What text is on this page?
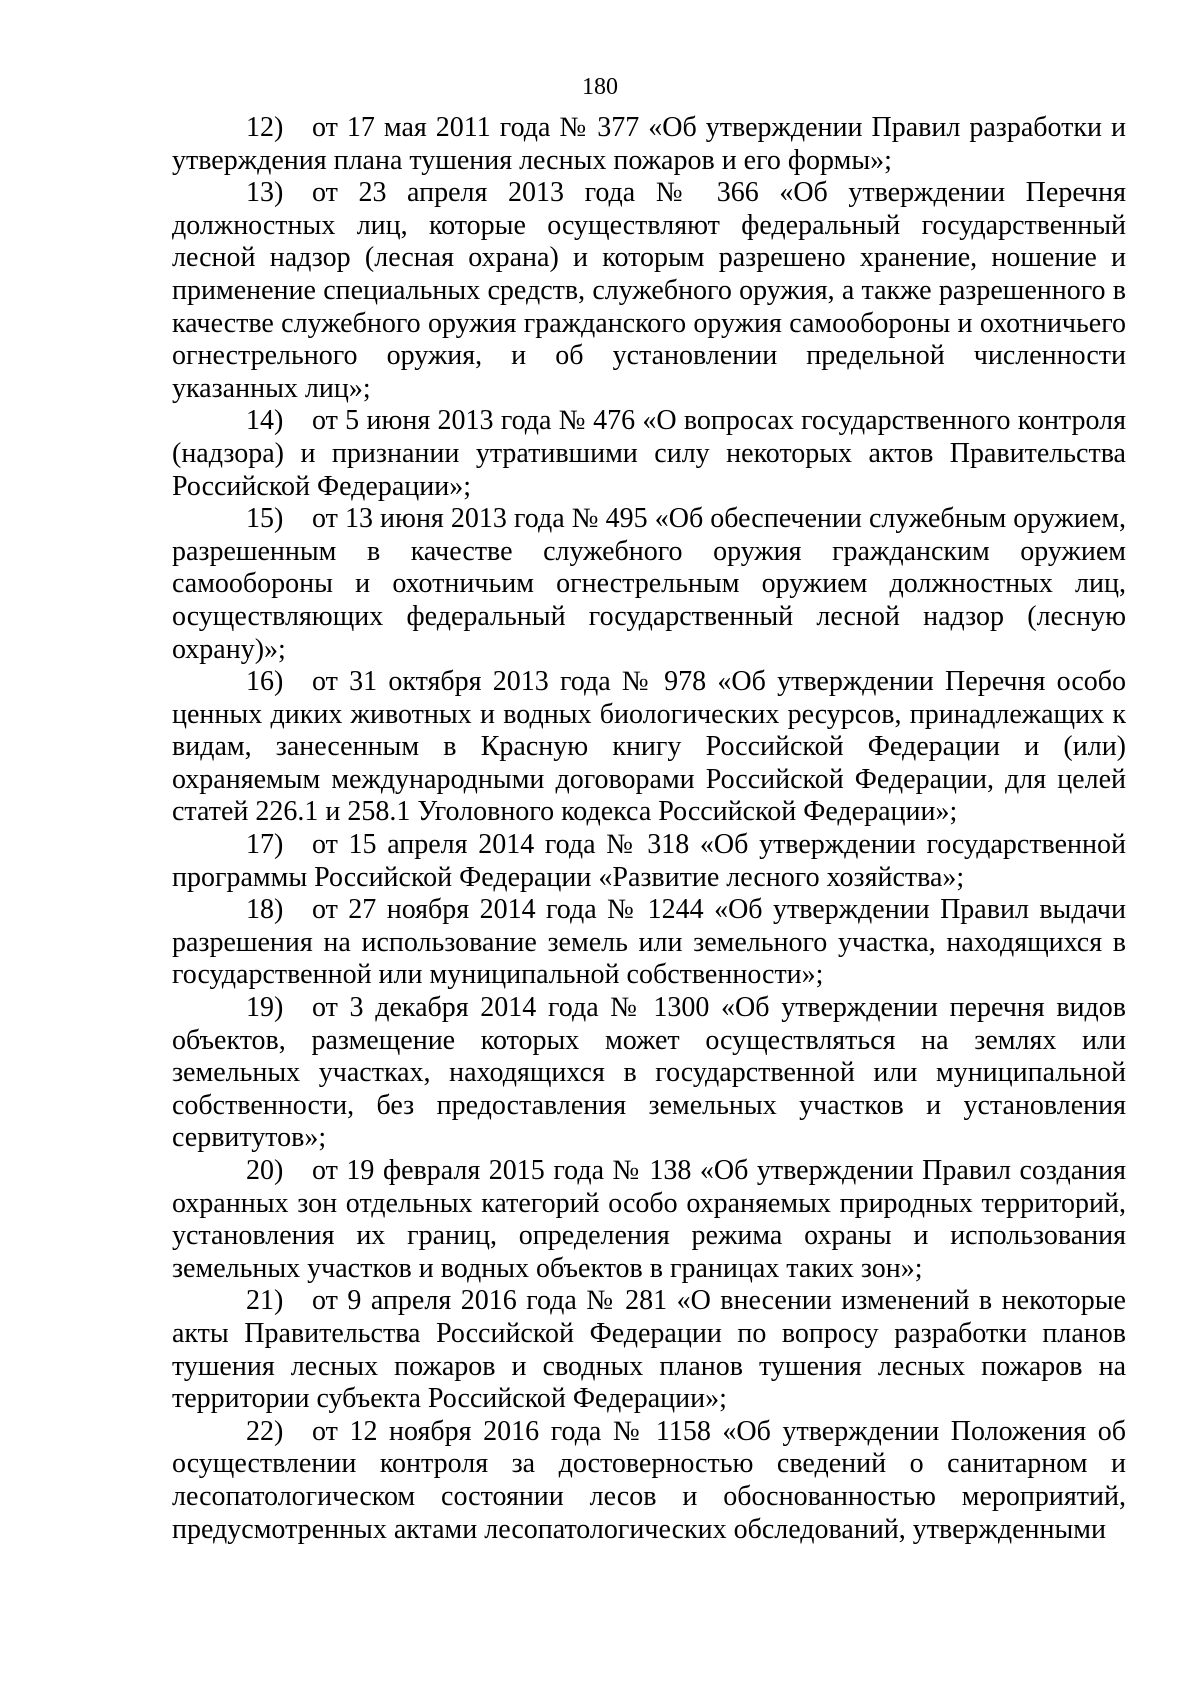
180

12) от 17 мая 2011 года № 377 «Об утверждении Правил разработки и утверждения плана тушения лесных пожаров и его формы»;

13) от 23 апреля 2013 года № 366 «Об утверждении Перечня должностных лиц, которые осуществляют федеральный государственный лесной надзор (лесная охрана) и которым разрешено хранение, ношение и применение специальных средств, служебного оружия, а также разрешенного в качестве служебного оружия гражданского оружия самообороны и охотничьего огнестрельного оружия, и об установлении предельной численности указанных лиц»;

14) от 5 июня 2013 года № 476 «О вопросах государственного контроля (надзора) и признании утратившими силу некоторых актов Правительства Российской Федерации»;

15) от 13 июня 2013 года № 495 «Об обеспечении служебным оружием, разрешенным в качестве служебного оружия гражданским оружием самообороны и охотничьим огнестрельным оружием должностных лиц, осуществляющих федеральный государственный лесной надзор (лесную охрану)»;

16) от 31 октября 2013 года № 978 «Об утверждении Перечня особо ценных диких животных и водных биологических ресурсов, принадлежащих к видам, занесенным в Красную книгу Российской Федерации и (или) охраняемым международными договорами Российской Федерации, для целей статей 226.1 и 258.1 Уголовного кодекса Российской Федерации»;

17) от 15 апреля 2014 года № 318 «Об утверждении государственной программы Российской Федерации «Развитие лесного хозяйства»;

18) от 27 ноября 2014 года № 1244 «Об утверждении Правил выдачи разрешения на использование земель или земельного участка, находящихся в государственной или муниципальной собственности»;

19) от 3 декабря 2014 года № 1300 «Об утверждении перечня видов объектов, размещение которых может осуществляться на землях или земельных участках, находящихся в государственной или муниципальной собственности, без предоставления земельных участков и установления сервитутов»;

20) от 19 февраля 2015 года № 138 «Об утверждении Правил создания охранных зон отдельных категорий особо охраняемых природных территорий, установления их границ, определения режима охраны и использования земельных участков и водных объектов в границах таких зон»;

21) от 9 апреля 2016 года № 281 «О внесении изменений в некоторые акты Правительства Российской Федерации по вопросу разработки планов тушения лесных пожаров и сводных планов тушения лесных пожаров на территории субъекта Российской Федерации»;

22) от 12 ноября 2016 года № 1158 «Об утверждении Положения об осуществлении контроля за достоверностью сведений о санитарном и лесопатологическом состоянии лесов и обоснованностью мероприятий, предусмотренных актами лесопатологических обследований, утвержденными
